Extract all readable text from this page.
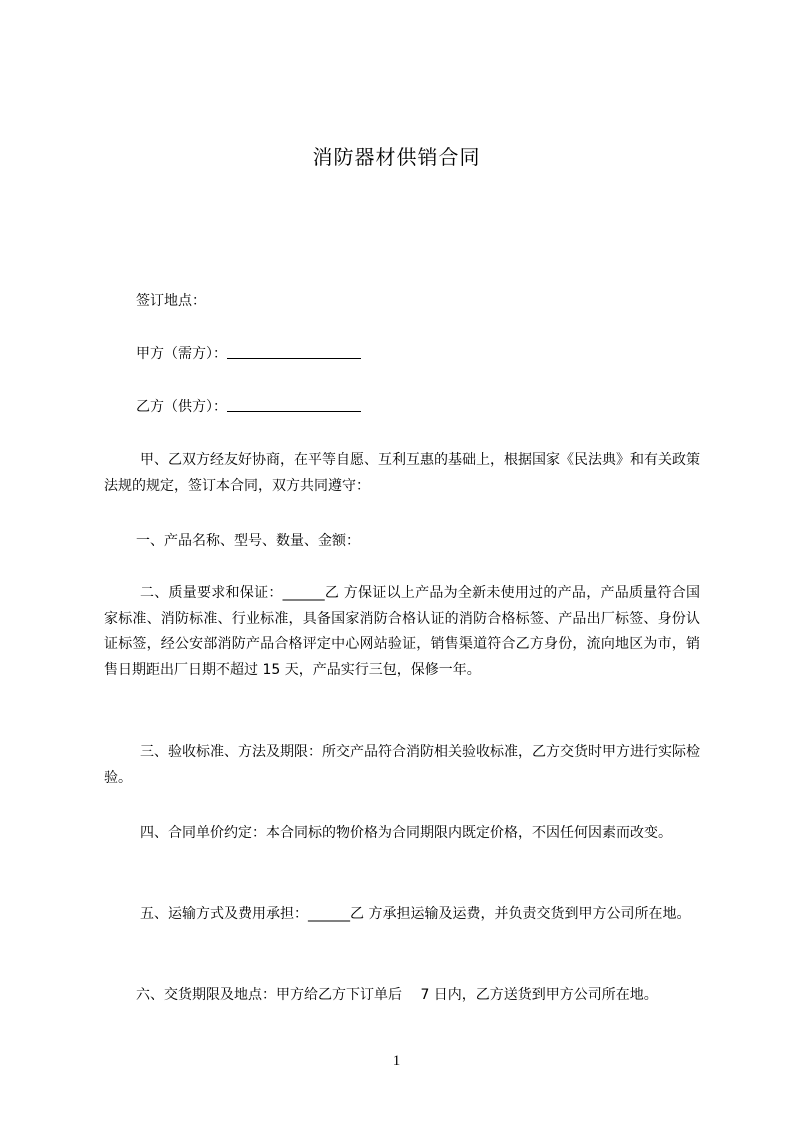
消防器材供销合同
签订地点：
甲方（需方）：
乙方（供方）：

甲、乙双方经友好协商，在平等自愿、互利互惠的基础上，根据国家《民法典》和有关政策法规的规定，签订本合同，双方共同遵守：

一、产品名称、型号、数量、金额：

二、质量要求和保证：______乙 方保证以上产品为全新未使用过的产品，产品质量符合国家标准、消防标准、行业标准，具备国家消防合格认证的消防合格标签、产品出厂标签、身份认证标签，经公安部消防产品合格评定中心网站验证，销售渠道符合乙方身份，流向地区为市，销售日期距出厂日期不超过 15 天，产品实行三包，保修一年。

三、验收标准、方法及期限：所交产品符合消防相关验收标准，乙方交货时甲方进行实际检验。

四、合同单价约定：本合同标的物价格为合同期限内既定价格，不因任何因素而改变。

五、运输方式及费用承担：______乙 方承担运输及运费，并负责交货到甲方公司所在地。

六、交货期限及地点：甲方给乙方下订单后　 7 日内，乙方送货到甲方公司所在地。

1
